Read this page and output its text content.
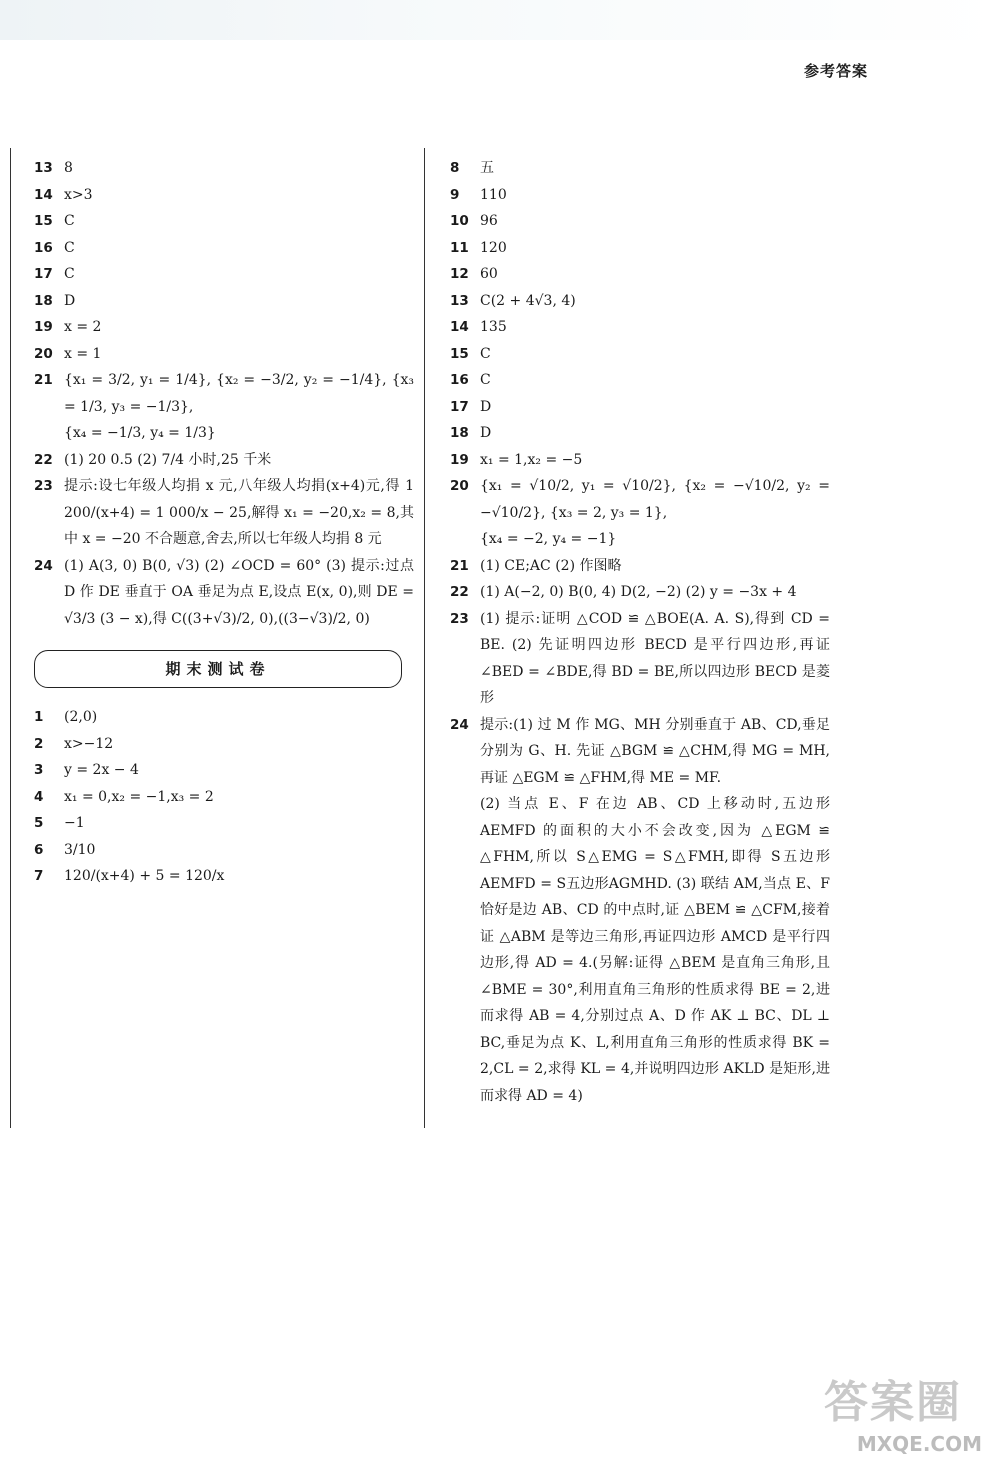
参考答案
13 8
14 x>3
15 C
16 C
17 C
18 D
19 x = 2
20 x = 1
21 {x₁ = 3/2, y₁ = 1/4}, {x₂ = −3/2, y₂ = −1/4}, {x₃ = 1/3, y₃ = −1/3},
{x₄ = −1/3, y₄ = 1/3}
22 (1) 20 0.5 (2) 7/4 小时,25 千米
23 提示:设七年级人均捐 x 元,八年级人均捐(x+4)元,得 1 200/(x+4) = 1 000/x − 25,解得 x₁ = −20,x₂ = 8,其中 x = −20 不合题意,舍去,所以七年级人均捐 8 元
24 (1) A(3, 0) B(0, √3) (2) ∠OCD = 60° (3) 提示:过点 D 作 DE 垂直于 OA 垂足为点 E,设点 E(x, 0),则 DE = √3/3 (3 − x),得 C((3+√3)/2, 0),((3−√3)/2, 0)
期末测试卷
1	(2,0)
2	x>−12
3	y = 2x − 4
4	x₁ = 0,x₂ = −1,x₃ = 2
5	−1
6	3/10
7	120/(x+4) + 5 = 120/x
8	五
9	110
10 96
11 120
12 60
13 C(2 + 4√3, 4)
14 135
15 C
16 C
17 D
18 D
19 x₁ = 1,x₂ = −5
20 {x₁ = √10/2, y₁ = √10/2}, {x₂ = −√10/2, y₂ = −√10/2}, {x₃ = 2, y₃ = 1},
{x₄ = −2, y₄ = −1}
21 (1) CE;AC (2) 作图略
22 (1) A(−2, 0) B(0, 4) D(2, −2) (2) y = −3x + 4
23 (1) 提示:证明 △COD ≌ △BOE(A. A. S),得到 CD = BE. (2) 先证明四边形 BECD 是平行四边形,再证 ∠BED = ∠BDE,得 BD = BE,所以四边形 BECD 是菱形
24 提示:(1) 过 M 作 MG、MH 分别垂直于 AB、CD,垂足分别为 G、H. 先证 △BGM ≌ △CHM,得 MG = MH,再证 △EGM ≌ △FHM,得 ME = MF.
(2) 当点 E、F 在边 AB、CD 上移动时,五边形 AEMFD 的面积的大小不会改变,因为 △EGM ≌ △FHM,所以 S△EMG = S△FMH,即得 S五边形AEMFD = S五边形AGMHD. (3) 联结 AM,当点 E、F 恰好是边 AB、CD 的中点时,证 △BEM ≌ △CFM,接着证 △ABM 是等边三角形,再证四边形 AMCD 是平行四边形,得 AD = 4.(另解:证得 △BEM 是直角三角形,且 ∠BME = 30°,利用直角三角形的性质求得 BE = 2,进而求得 AB = 4,分别过点 A、D 作 AK ⊥ BC、DL ⊥ BC,垂足为点 K、L,利用直角三角形的性质求得 BK = 2,CL = 2,求得 KL = 4,并说明四边形 AKLD 是矩形,进而求得 AD = 4)
答案圈
MXQE.COM
